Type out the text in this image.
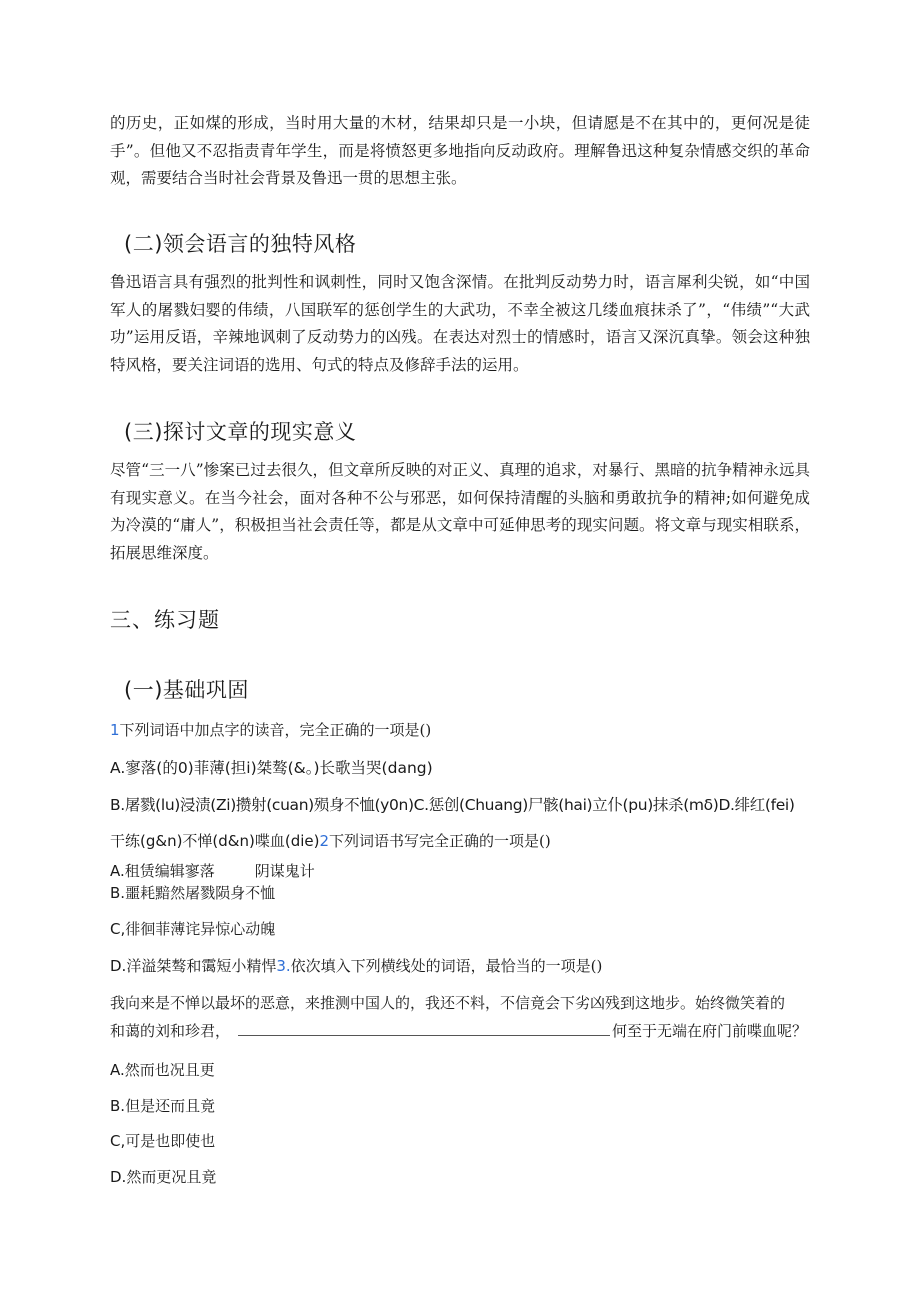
的历史，正如煤的形成，当时用大量的木材，结果却只是一小块，但请愿是不在其中的，更何况是徒手”。但他又不忍指责青年学生，而是将愤怒更多地指向反动政府。理解鲁迅这种复杂情感交织的革命观，需要结合当时社会背景及鲁迅一贯的思想主张。

(二)领会语言的独特风格

鲁迅语言具有强烈的批判性和讽刺性，同时又饱含深情。在批判反动势力时，语言犀利尖锐，如“中国军人的屠戮妇婴的伟绩，八国联军的惩创学生的大武功，不幸全被这几缕血痕抹杀了”，“伟绩”“大武功”运用反语，辛辣地讽刺了反动势力的凶残。在表达对烈士的情感时，语言又深沉真挚。领会这种独特风格，要关注词语的选用、句式的特点及修辞手法的运用。

(三)探讨文章的现实意义

尽管“三一八”惨案已过去很久，但文章所反映的对正义、真理的追求，对暴行、黑暗的抗争精神永远具有现实意义。在当今社会，面对各种不公与邪恶，如何保持清醒的头脑和勇敢抗争的精神;如何避免成为冷漠的“庸人”，积极担当社会责任等，都是从文章中可延伸思考的现实问题。将文章与现实相联系，拓展思维深度。

三、练习题
(一)基础巩固
1下列词语中加点字的读音，完全正确的一项是()
A.寥落(的0)菲薄(担i)桀骜(&。)长歌当哭(dang)
B.屠戮(lu)浸渍(Zi)攒射(cuan)殒身不恤(y0n)C.惩创(Chuang)尸骸(hai)立仆(pu)抹杀(mδ)D.绯红(fei)
干练(g&n)不惮(d&n)喋血(die)2下列词语书写完全正确的一项是()
A.租赁编辑寥落	阴谋鬼计
B.噩耗黯然屠戮陨身不恤
C,徘徊菲薄诧异惊心动魄
D.洋溢桀骜和霭短小精悍3.依次填入下列横线处的词语，最恰当的一项是()
我向来是不惮以最坏的恶意，来推测中国人的，我还不料，不信竟会下劣凶残到这地步。始终微笑着的
和蔼的刘和珍君，	何至于无端在府门前喋血呢？
A.然而也况且更
B.但是还而且竟
C,可是也即使也
D.然而更况且竟
